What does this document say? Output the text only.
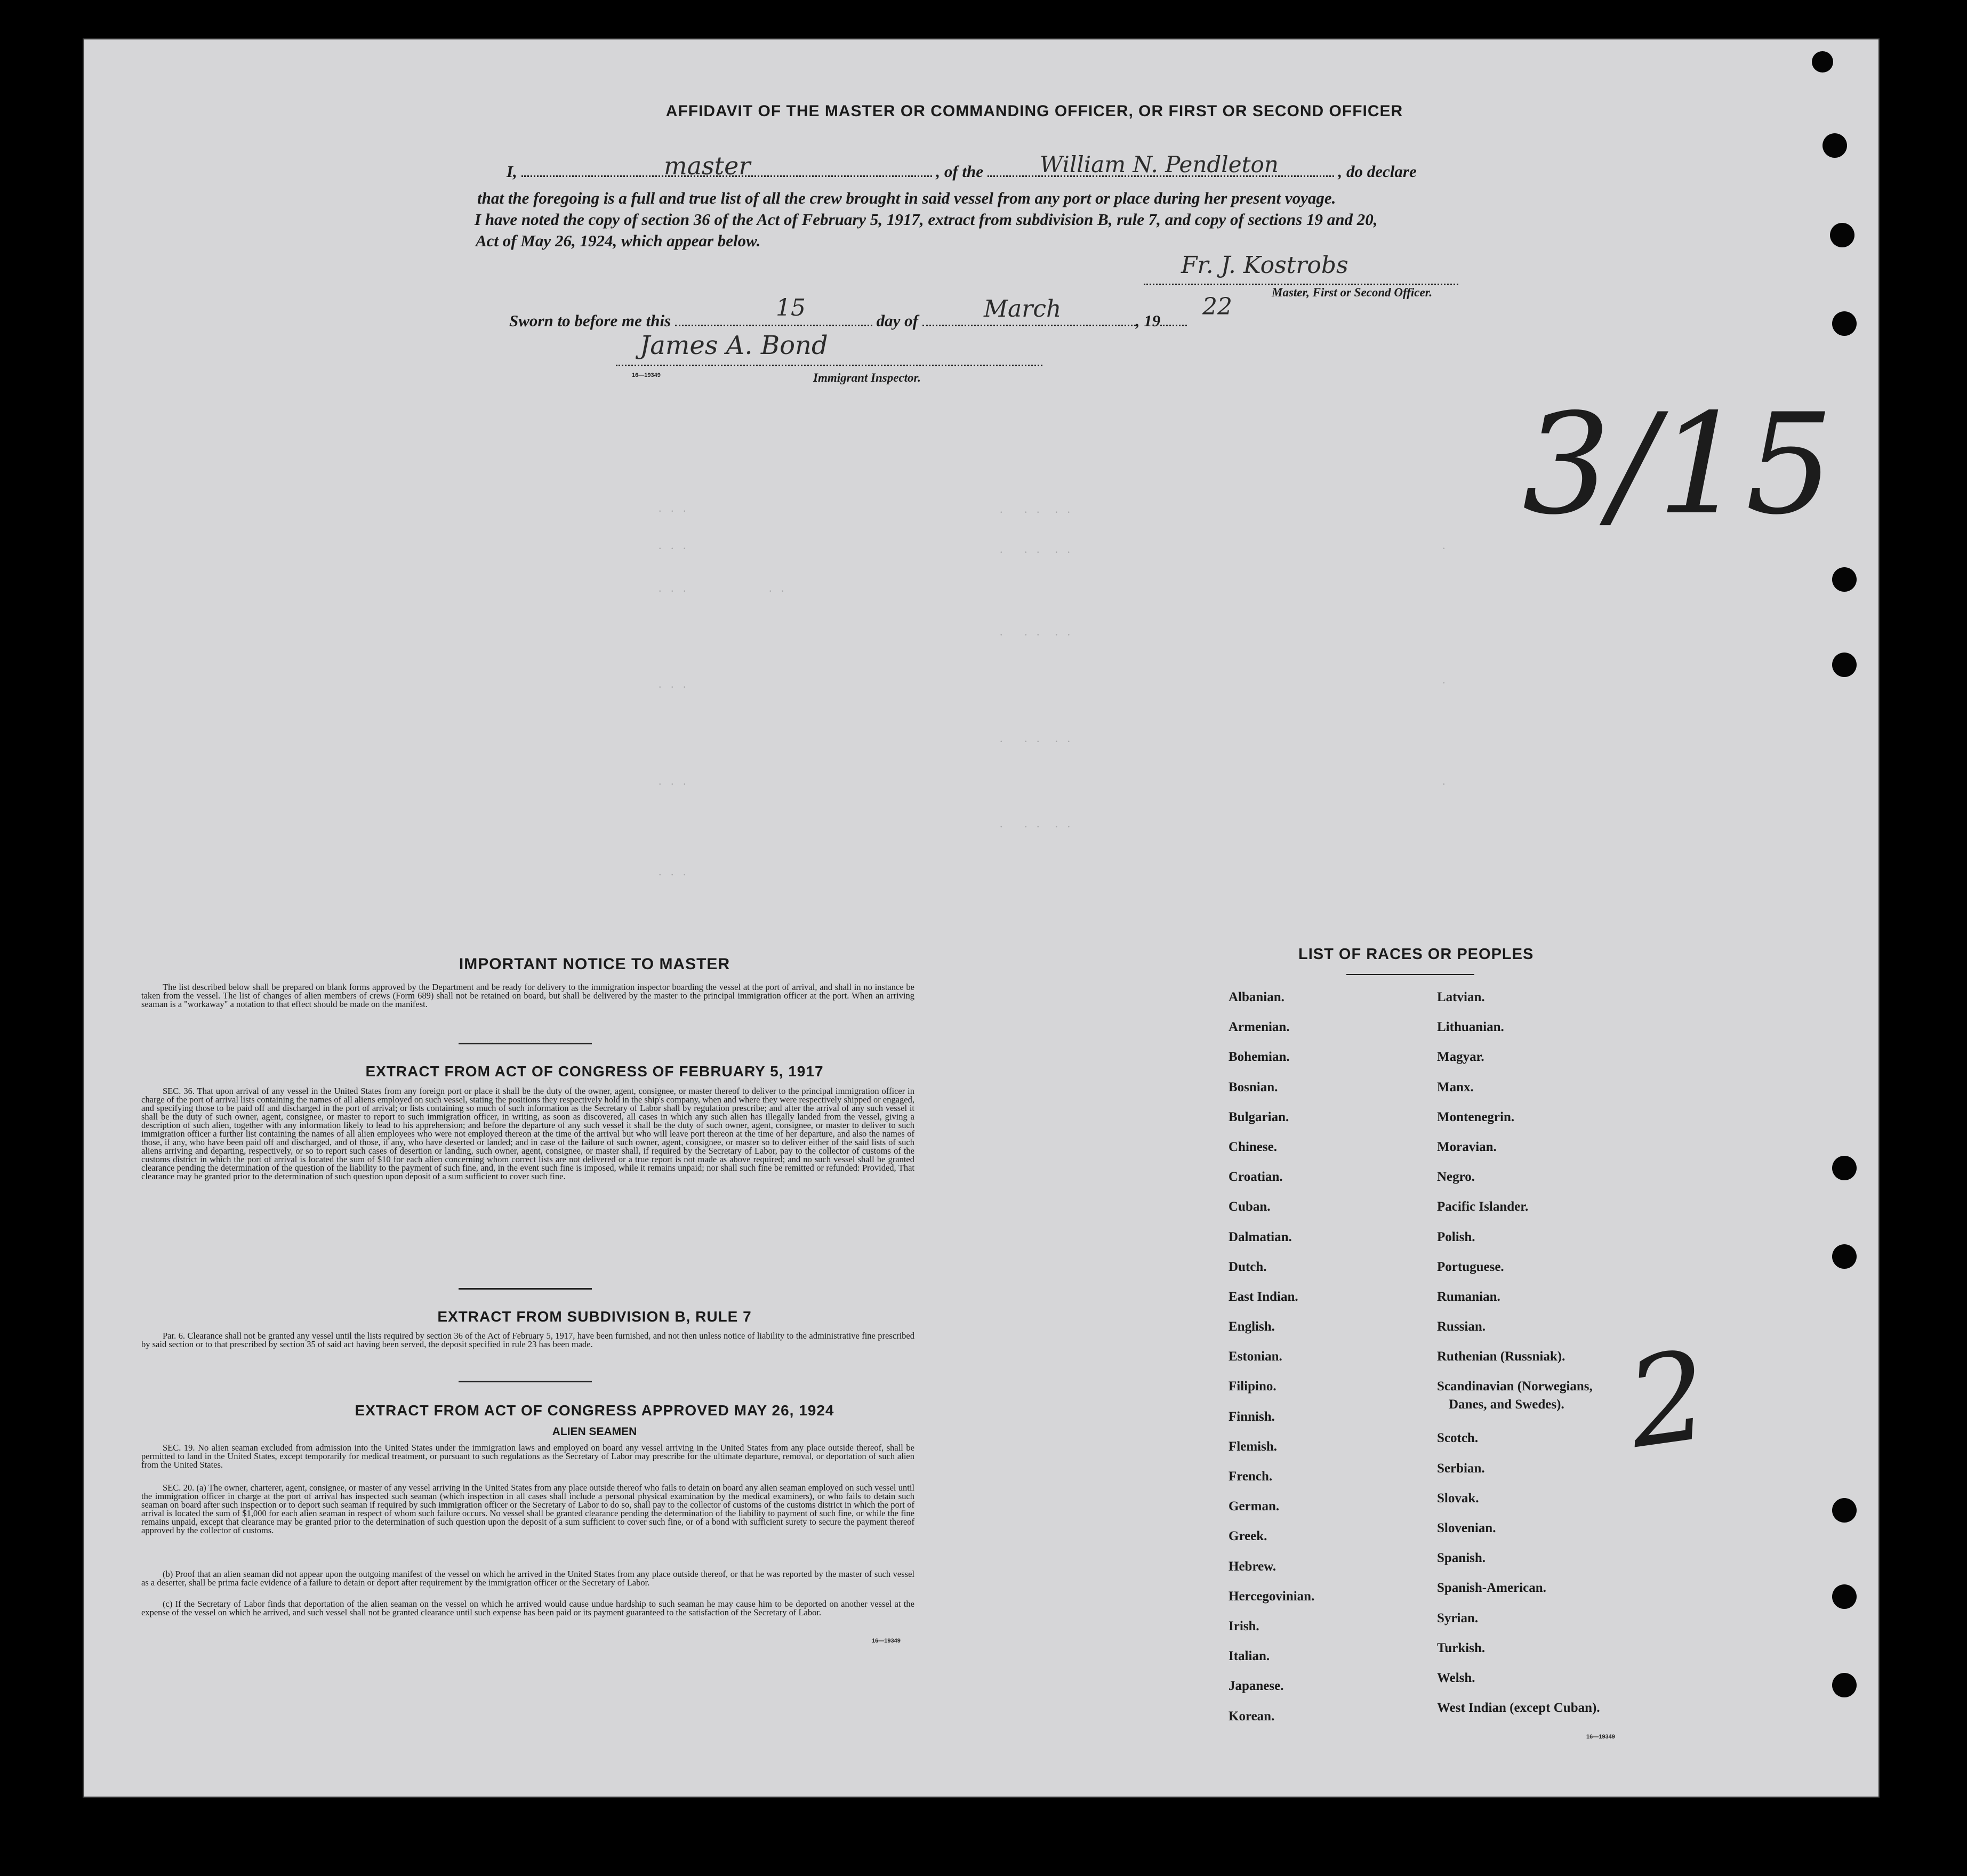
AFFIDAVIT OF THE MASTER OR COMMANDING OFFICER, OR FIRST OR SECOND OFFICER
I,	, of the	, do declare
master	William N. Pendleton
that the foregoing is a full and true list of all the crew brought in said vessel from any port or place during her present voyage.
I have noted the copy of section 36 of the Act of February 5, 1917, extract from subdivision B, rule 7, and copy of sections 19 and 20,
Act of May 26, 1924, which appear below.
Fr. J. Kostrobs
Master, First or Second Officer.
Sworn to before me this	day of	, 19
15	March	22
James A. Bond
16—19349	Immigrant Inspector.
. . .
. . .
. . .             . .
. . .
. . .
. . .
.   . .  . .
.   . .  . .
.   . .  . .
.   . .  . .
.   . .  . .
.
.
.
3/15
2
IMPORTANT NOTICE TO MASTER
The list described below shall be prepared on blank forms approved by the Department and be ready for delivery to the immigration inspector boarding the vessel at the port of arrival, and shall in no instance be taken from the vessel. The list of changes of alien members of crews (Form 689) shall not be retained on board, but shall be delivered by the master to the principal immigration officer at the port. When an arriving seaman is a "workaway" a notation to that effect should be made on the manifest.
EXTRACT FROM ACT OF CONGRESS OF FEBRUARY 5, 1917
SEC. 36. That upon arrival of any vessel in the United States from any foreign port or place it shall be the duty of the owner, agent, consignee, or master thereof to deliver to the principal immigration officer in charge of the port of arrival lists containing the names of all aliens employed on such vessel, stating the positions they respectively hold in the ship's company, when and where they were respectively shipped or engaged, and specifying those to be paid off and discharged in the port of arrival; or lists containing so much of such information as the Secretary of Labor shall by regulation prescribe; and after the arrival of any such vessel it shall be the duty of such owner, agent, consignee, or master to report to such immigration officer, in writing, as soon as discovered, all cases in which any such alien has illegally landed from the vessel, giving a description of such alien, together with any information likely to lead to his apprehension; and before the departure of any such vessel it shall be the duty of such owner, agent, consignee, or master to deliver to such immigration officer a further list containing the names of all alien employees who were not employed thereon at the time of the arrival but who will leave port thereon at the time of her departure, and also the names of those, if any, who have been paid off and discharged, and of those, if any, who have deserted or landed; and in case of the failure of such owner, agent, consignee, or master so to deliver either of the said lists of such aliens arriving and departing, respectively, or so to report such cases of desertion or landing, such owner, agent, consignee, or master shall, if required by the Secretary of Labor, pay to the collector of customs of the customs district in which the port of arrival is located the sum of $10 for each alien concerning whom correct lists are not delivered or a true report is not made as above required; and no such vessel shall be granted clearance pending the determination of the question of the liability to the payment of such fine, and, in the event such fine is imposed, while it remains unpaid; nor shall such fine be remitted or refunded: Provided, That clearance may be granted prior to the determination of such question upon deposit of a sum sufficient to cover such fine.
EXTRACT FROM SUBDIVISION B, RULE 7
Par. 6. Clearance shall not be granted any vessel until the lists required by section 36 of the Act of February 5, 1917, have been furnished, and not then unless notice of liability to the administrative fine prescribed by said section or to that prescribed by section 35 of said act having been served, the deposit specified in rule 23 has been made.
EXTRACT FROM ACT OF CONGRESS APPROVED MAY 26, 1924
ALIEN SEAMEN
SEC. 19. No alien seaman excluded from admission into the United States under the immigration laws and employed on board any vessel arriving in the United States from any place outside thereof, shall be permitted to land in the United States, except temporarily for medical treatment, or pursuant to such regulations as the Secretary of Labor may prescribe for the ultimate departure, removal, or deportation of such alien from the United States.
SEC. 20. (a) The owner, charterer, agent, consignee, or master of any vessel arriving in the United States from any place outside thereof who fails to detain on board any alien seaman employed on such vessel until the immigration officer in charge at the port of arrival has inspected such seaman (which inspection in all cases shall include a personal physical examination by the medical examiners), or who fails to detain such seaman on board after such inspection or to deport such seaman if required by such immigration officer or the Secretary of Labor to do so, shall pay to the collector of customs of the customs district in which the port of arrival is located the sum of $1,000 for each alien seaman in respect of whom such failure occurs. No vessel shall be granted clearance pending the determination of the liability to payment of such fine, or while the fine remains unpaid, except that clearance may be granted prior to the determination of such question upon the deposit of a sum sufficient to cover such fine, or of a bond with sufficient surety to secure the payment thereof approved by the collector of customs.
(b) Proof that an alien seaman did not appear upon the outgoing manifest of the vessel on which he arrived in the United States from any place outside thereof, or that he was reported by the master of such vessel as a deserter, shall be prima facie evidence of a failure to detain or deport after requirement by the immigration officer or the Secretary of Labor.
(c) If the Secretary of Labor finds that deportation of the alien seaman on the vessel on which he arrived would cause undue hardship to such seaman he may cause him to be deported on another vessel at the expense of the vessel on which he arrived, and such vessel shall not be granted clearance until such expense has been paid or its payment guaranteed to the satisfaction of the Secretary of Labor.
16—19349
LIST OF RACES OR PEOPLES
Albanian.
Armenian.
Bohemian.
Bosnian.
Bulgarian.
Chinese.
Croatian.
Cuban.
Dalmatian.
Dutch.
East Indian.
English.
Estonian.
Filipino.
Finnish.
Flemish.
French.
German.
Greek.
Hebrew.
Hercegovinian.
Irish.
Italian.
Japanese.
Korean.
Latvian.
Lithuanian.
Magyar.
Manx.
Montenegrin.
Moravian.
Negro.
Pacific Islander.
Polish.
Portuguese.
Rumanian.
Russian.
Ruthenian (Russniak).
Scandinavian (Norwegians,
Danes, and Swedes).
Scotch.
Serbian.
Slovak.
Slovenian.
Spanish.
Spanish-American.
Syrian.
Turkish.
Welsh.
West Indian (except Cuban).
16—19349
